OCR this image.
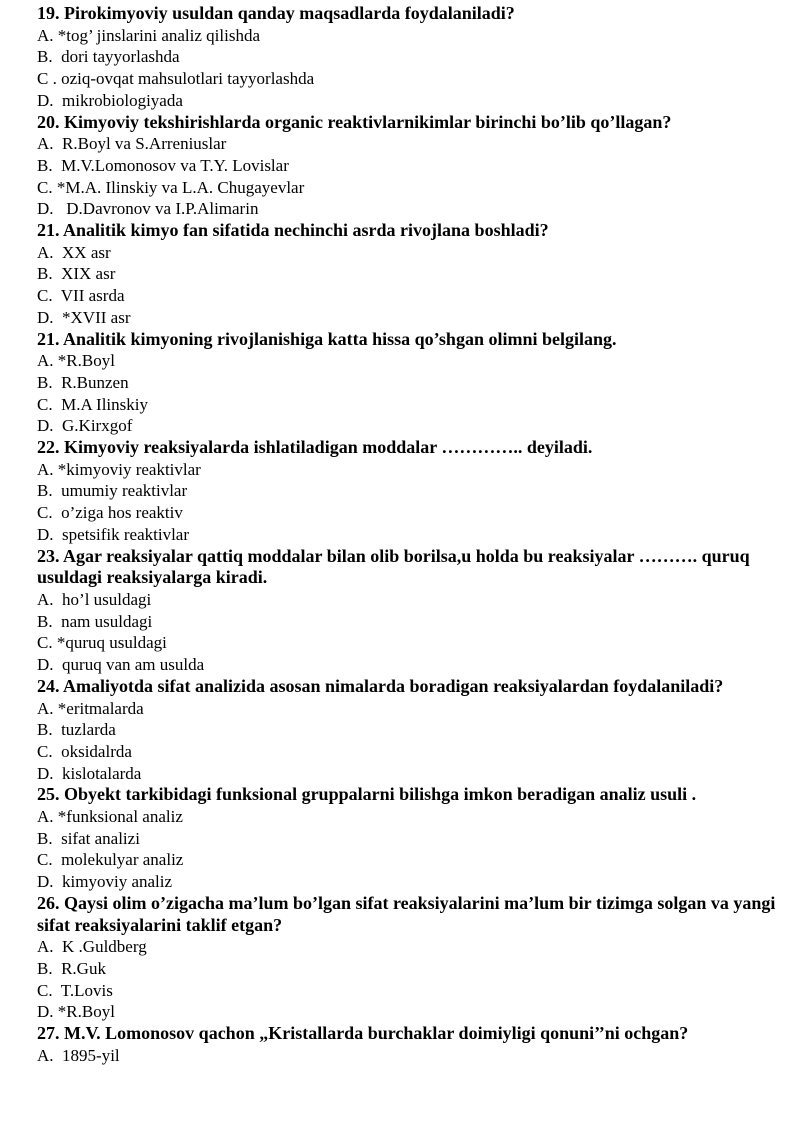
19. Pirokimyoviy usuldan qanday maqsadlarda foydalaniladi?
A. *tog’ jinslarini analiz qilishda
B.  dori tayyorlashda
C . oziq-ovqat mahsulotlari tayyorlashda
D.  mikrobiologiyada
20. Kimyoviy tekshirishlarda organic reaktivlarnikimlar birinchi bo’lib qo’llagan?
A.  R.Boyl va S.Arreniuslar
B.  M.V.Lomonosov va T.Y. Lovislar
C. *M.A. Ilinskiy va L.A. Chugayevlar
D.   D.Davronov va I.P.Alimarin
21. Analitik kimyo fan sifatida nechinchi asrda rivojlana boshladi?
A.  XX asr
B.  XIX asr
C.  VII asrda
D.  *XVII asr
21. Analitik kimyoning rivojlanishiga katta hissa qo’shgan olimni belgilang.
A. *R.Boyl
B.  R.Bunzen
C.  M.A Ilinskiy
D.  G.Kirxgof
22. Kimyoviy reaksiyalarda ishlatiladigan moddalar ………….. deyiladi.
A. *kimyoviy reaktivlar
B.  umumiy reaktivlar
C.  o’ziga hos reaktiv
D.  spetsifik reaktivlar
23. Agar reaksiyalar qattiq moddalar bilan olib borilsa,u holda bu reaksiyalar ………. quruq usuldagi reaksiyalarga kiradi.
A.  ho’l usuldagi
B.  nam usuldagi
C. *quruq usuldagi
D.  quruq van am usulda
24. Amaliyotda sifat analizida asosan nimalarda boradigan reaksiyalardan foydalaniladi?
A. *eritmalarda
B.  tuzlarda
C.  oksidalrda
D.  kislotalarda
25. Obyekt tarkibidagi funksional gruppalarni bilishga imkon beradigan analiz usuli .
A. *funksional analiz
B.  sifat analizi
C.  molekulyar analiz
D.  kimyoviy analiz
26. Qaysi olim o’zigacha ma’lum bo’lgan sifat reaksiyalarini ma’lum bir tizimga solgan va yangi sifat reaksiyalarini taklif etgan?
A.  K .Guldberg
B.  R.Guk
C.  T.Lovis
D. *R.Boyl
27. M.V. Lomonosov qachon „Kristallarda burchaklar doimiyligi qonuni’’ni ochgan?
A.  1895-yil
